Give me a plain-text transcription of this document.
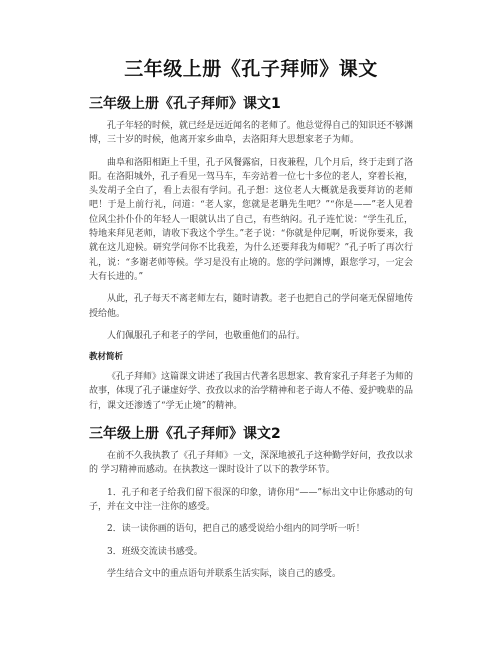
三年级上册《孔子拜师》课文
三年级上册《孔子拜师》课文1

孔子年轻的时候，就已经是远近闻名的老师了。他总觉得自己的知识还不够渊博，三十岁的时候，他离开家乡曲阜，去洛阳拜大思想家老子为师。

曲阜和洛阳相距上千里，孔子风餐露宿，日夜兼程，几个月后，终于走到了洛阳。在洛阳城外，孔子看见一驾马车，车旁站着一位七十多位的老人，穿着长袍，头发胡子全白了，看上去很有学问。孔子想：这位老人大概就是我要拜访的老师吧！于是上前行礼，问道：“老人家，您就是老聃先生吧？”“你是——”老人见着位风尘扑仆仆的年轻人一眼就认出了自己，有些纳闷。孔子连忙说：“学生孔丘，特地来拜见老师，请收下我这个学生。”老子说：“你就是仲尼啊，听说你要来，我就在这儿迎候。研究学问你不比我差，为什么还要拜我为师呢？”孔子听了再次行礼，说：“多谢老师等候。学习是没有止境的。您的学问渊博，跟您学习，一定会大有长进的。”

从此，孔子每天不离老师左右，随时请教。老子也把自己的学问毫无保留地传授给他。

人们佩服孔子和老子的学问，也敬重他们的品行。

教材简析

《孔子拜师》这篇课文讲述了我国古代著名思想家、教育家孔子拜老子为师的故事，体现了孔子谦虚好学、孜孜以求的治学精神和老子诲人不倦、爱护晚辈的品行，课文还渗透了“学无止境”的精神。

三年级上册《孔子拜师》课文2

在前不久我执教了《孔子拜师》一文，深深地被孔子这种勤学好问，孜孜以求的 学习精神而感动。在执教这一课时设计了以下的教学环节。

1．孔子和老子给我们留下很深的印象，请你用“——”标出文中让你感动的句子，并在文中注一注你的感受。

2．读一读你画的语句，把自己的感受说给小组内的同学听一听！

3．班级交流读书感受。

学生结合文中的重点语句并联系生活实际，谈自己的感受。
